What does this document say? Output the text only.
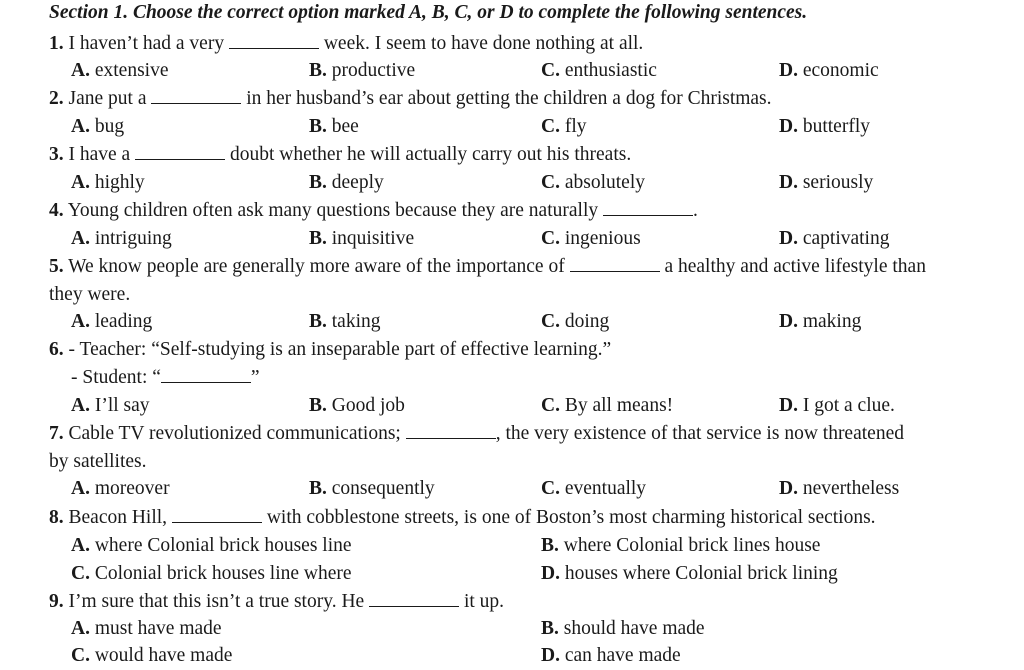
Section 1. Choose the correct option marked A, B, C, or D to complete the following sentences.
1. I haven’t had a very	week. I seem to have done nothing at all.
A. extensive	B. productive	C. enthusiastic	D. economic
2. Jane put a	in her husband’s ear about getting the children a dog for Christmas.
A. bug	B. bee	C. fly	D. butterfly
3. I have a	doubt whether he will actually carry out his threats.
A. highly	B. deeply	C. absolutely	D. seriously
4. Young children often ask many questions because they are naturally	.
A. intriguing	B. inquisitive	C. ingenious	D. captivating
5. We know people are generally more aware of the importance of	a healthy and active lifestyle than
they were.
A. leading	B. taking	C. doing	D. making
6. - Teacher: “Self-studying is an inseparable part of effective learning.”
- Student: “	”
A. I’ll say	B. Good job	C. By all means!	D. I got a clue.
7. Cable TV revolutionized communications;	, the very existence of that service is now threatened
by satellites.
A. moreover	B. consequently	C. eventually	D. nevertheless
8. Beacon Hill,	with cobblestone streets, is one of Boston’s most charming historical sections.
A. where Colonial brick houses line	B. where Colonial brick lines house
C. Colonial brick houses line where	D. houses where Colonial brick lining
9. I’m sure that this isn’t a true story. He	it up.
A. must have made	B. should have made
C. would have made	D. can have made
